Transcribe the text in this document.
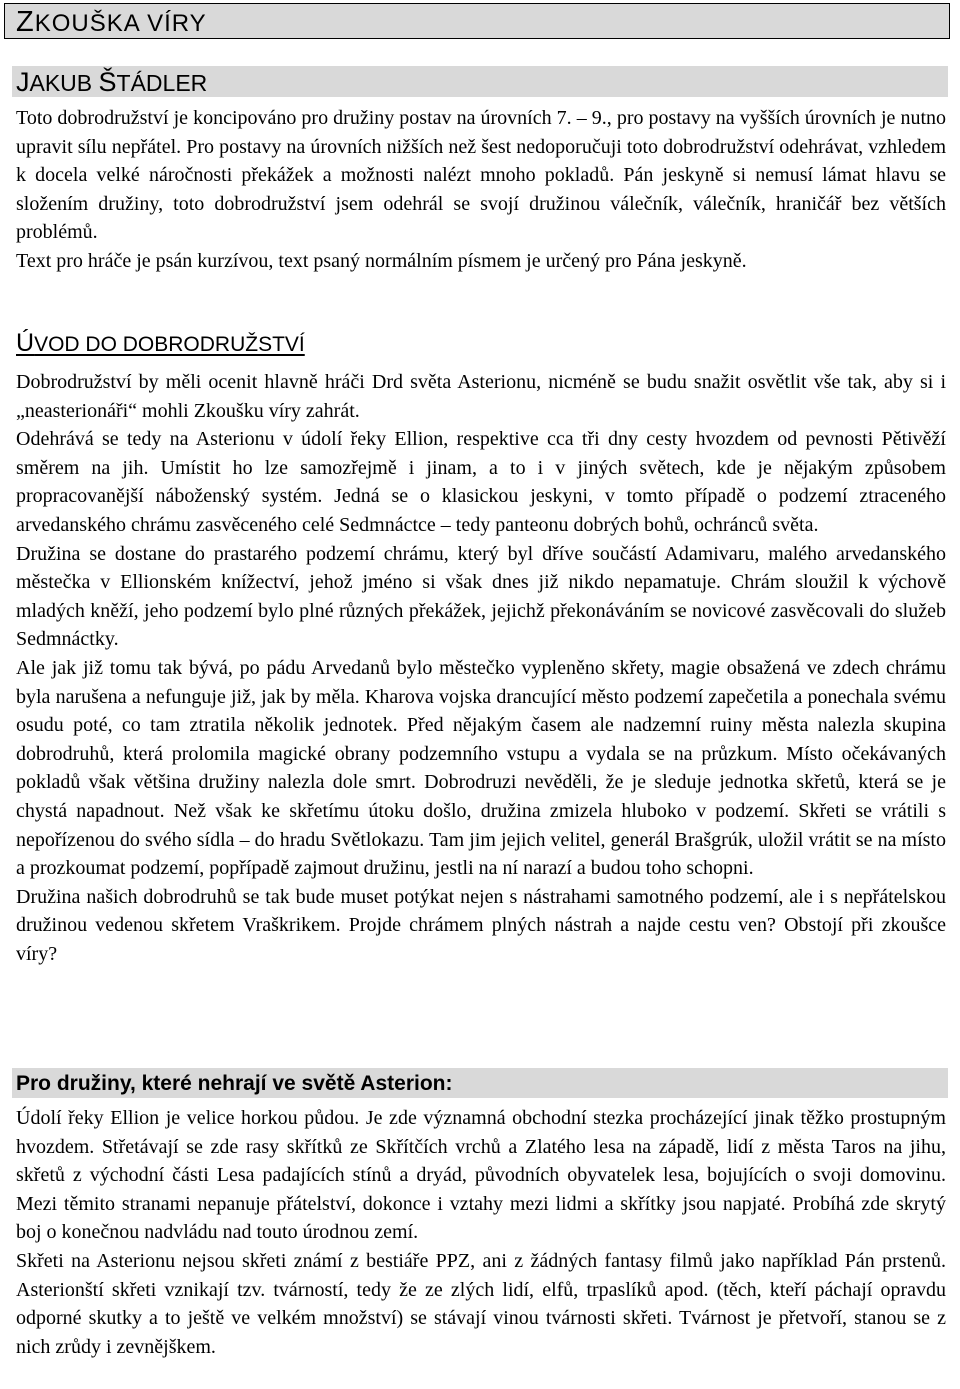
ZKOUŠKA VÍRY
JAKUB ŠTÁDLER

Toto dobrodružství je koncipováno pro družiny postav na úrovních 7. – 9., pro postavy na vyšších úrovních je nutno upravit sílu nepřátel. Pro postavy na úrovních nižších než šest nedoporučuji toto dobrodružství odehrávat, vzhledem k docela velké náročnosti překážek a možnosti nalézt mnoho pokladů. Pán jeskyně si nemusí lámat hlavu se složením družiny, toto dobrodružství jsem odehrál se svojí družinou válečník, válečník, hraničář bez větších problémů.

Text pro hráče je psán kurzívou, text psaný normálním písmem je určený pro Pána jeskyně.

ÚVOD DO DOBRODRUŽSTVÍ

Dobrodružství by měli ocenit hlavně hráči Drd světa Asterionu, nicméně se budu snažit osvětlit vše tak, aby si i „neasterionáři“ mohli Zkoušku víry zahrát.

Odehrává se tedy na Asterionu v údolí řeky Ellion, respektive cca tři dny cesty hvozdem od pevnosti Pětivěží směrem na jih. Umístit ho lze samozřejmě i jinam, a to i v jiných světech, kde je nějakým způsobem propracovanější náboženský systém. Jedná se o klasickou jeskyni, v tomto případě o podzemí ztraceného arvedanského chrámu zasvěceného celé Sedmnáctce – tedy panteonu dobrých bohů, ochránců světa.

Družina se dostane do prastarého podzemí chrámu, který byl dříve součástí Adamivaru, malého arvedanského městečka v Ellionském knížectví, jehož jméno si však dnes již nikdo nepamatuje. Chrám sloužil k výchově mladých kněží, jeho podzemí bylo plné různých překážek, jejichž překonáváním se novicové zasvěcovali do služeb Sedmnáctky.

Ale jak již tomu tak bývá, po pádu Arvedanů bylo městečko vypleněno skřety, magie obsažená ve zdech chrámu byla narušena a nefunguje již, jak by měla. Kharova vojska drancující město podzemí zapečetila a ponechala svému osudu poté, co tam ztratila několik jednotek. Před nějakým časem ale nadzemní ruiny města nalezla skupina dobrodruhů, která prolomila magické obrany podzemního vstupu a vydala se na průzkum. Místo očekávaných pokladů však většina družiny nalezla dole smrt. Dobrodruzi nevěděli, že je sleduje jednotka skřetů, která se je chystá napadnout. Než však ke skřetímu útoku došlo, družina zmizela hluboko v podzemí. Skřeti se vrátili s nepořízenou do svého sídla – do hradu Světlokazu. Tam jim jejich velitel, generál Brašgrúk, uložil vrátit se na místo a prozkoumat podzemí, popřípadě zajmout družinu, jestli na ní narazí a budou toho schopni.

Družina našich dobrodruhů se tak bude muset potýkat nejen s nástrahami samotného podzemí, ale i s nepřátelskou družinou vedenou skřetem Vraškrikem. Projde chrámem plných nástrah a najde cestu ven? Obstojí při zkoušce víry?

Pro družiny, které nehrají ve světě Asterion:

Údolí řeky Ellion je velice horkou půdou. Je zde významná obchodní stezka procházející jinak těžko prostupným hvozdem. Střetávají se zde rasy skřítků ze Skřítčích vrchů a Zlatého lesa na západě, lidí z města Taros na jihu, skřetů z východní části Lesa padajících stínů a dryád, původních obyvatelek lesa, bojujících o svoji domovinu. Mezi těmito stranami nepanuje přátelství, dokonce i vztahy mezi lidmi a skřítky jsou napjaté. Probíhá zde skrytý boj o konečnou nadvládu nad touto úrodnou zemí.

Skřeti na Asterionu nejsou skřeti známí z bestiáře PPZ, ani z žádných fantasy filmů jako například Pán prstenů. Asterionští skřeti vznikají tzv. tvárností, tedy že ze zlých lidí, elfů, trpaslíků apod. (těch, kteří páchají opravdu odporné skutky a to ještě ve velkém množství) se stávají vinou tvárnosti skřeti. Tvárnost je přetvoří, stanou se z nich zrůdy i zevnějškem.
